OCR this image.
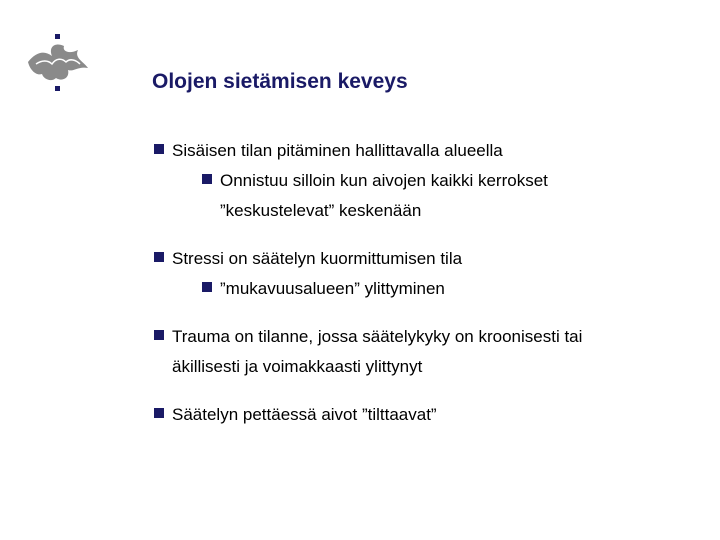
Olojen sietämisen keveys
Sisäisen tilan pitäminen hallittavalla alueella
Onnistuu silloin kun aivojen kaikki kerrokset
”keskustelevat” keskenään
Stressi on säätelyn kuormittumisen tila
”mukavuusalueen” ylittyminen
Trauma on tilanne, jossa säätelykyky on kroonisesti tai
äkillisesti ja voimakkaasti ylittynyt
Säätelyn pettäessä aivot ”tilttaavat”
